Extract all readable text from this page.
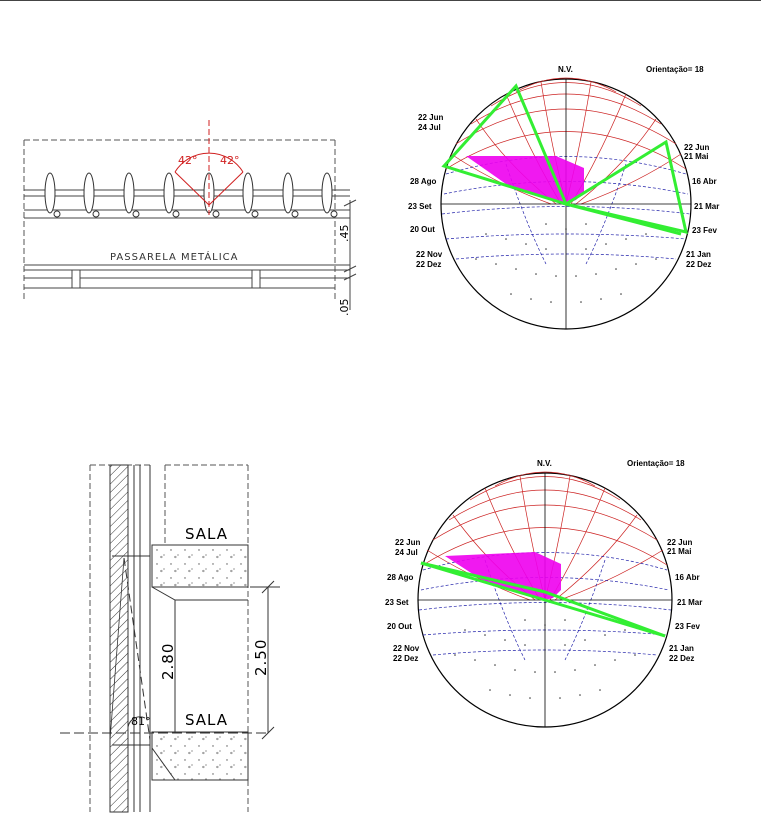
42° 42°
PASSARELA METÁLICA
.45
.05
SALA
SALA
2.80	2.50
81°
N.V.	Orientação= 18
22 Jun
24 Jul
28 Ago
23 Set
20 Out
22 Nov
22 Dez
22 Jun
21 Mai
16 Abr
21 Mar
23 Fev
21 Jan
22 Dez
N.V.	Orientação= 18
22 Jun
24 Jul
28 Ago
23 Set
20 Out
22 Nov
22 Dez
22 Jun
21 Mai
16 Abr
21 Mar
23 Fev
21 Jan
22 Dez
